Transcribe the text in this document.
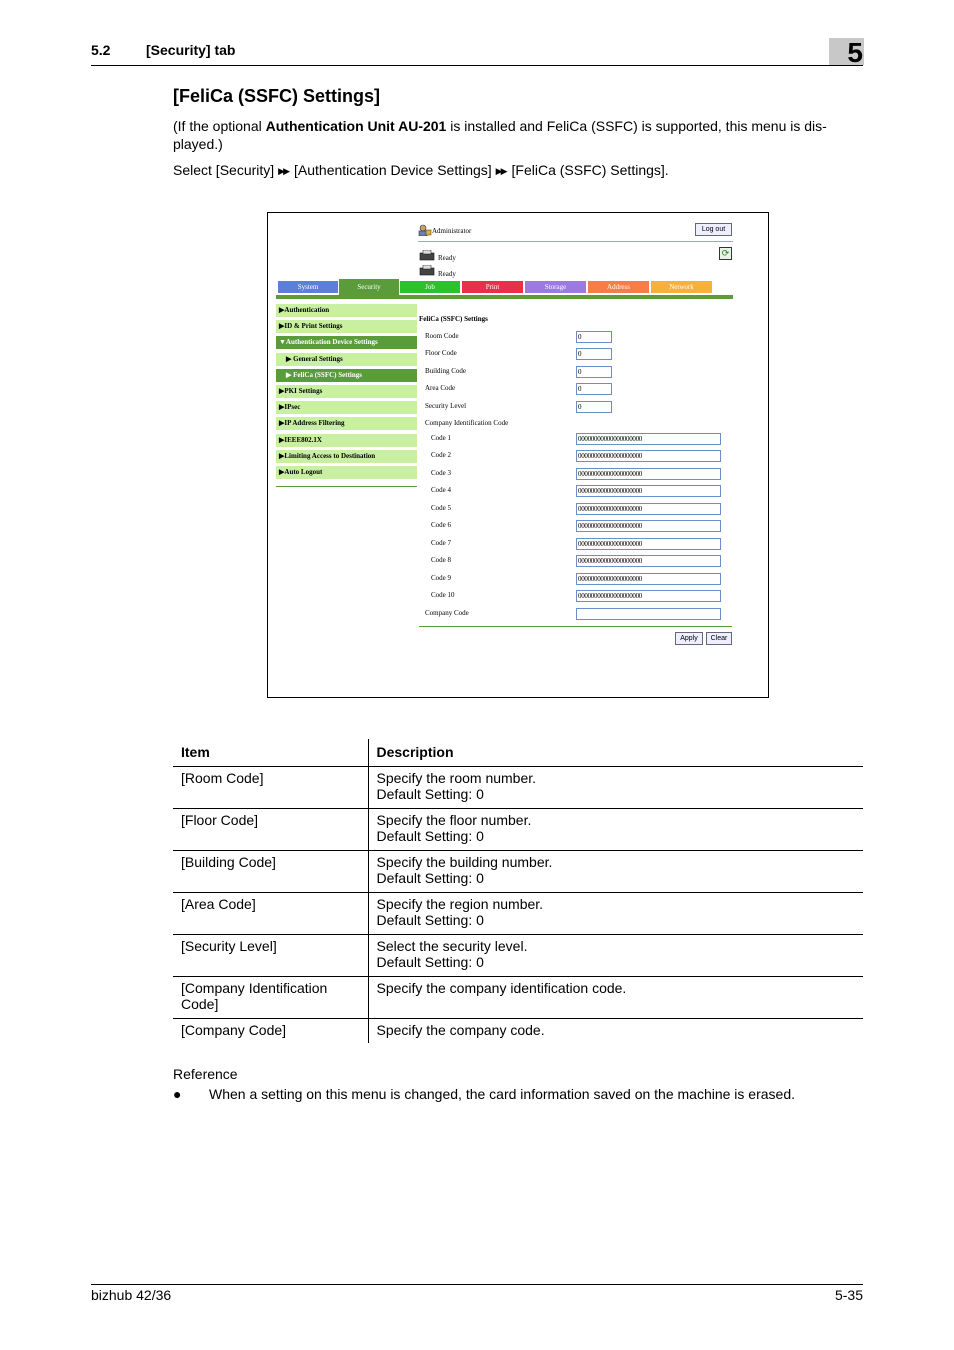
5.2	[Security] tab	5
[FeliCa (SSFC) Settings]
(If the optional Authentication Unit AU-201 is installed and FeliCa (SSFC) is supported, this menu is dis-played.)
Select [Security] ▶▶ [Authentication Device Settings] ▶▶ [FeliCa (SSFC) Settings].
Administrator	Log out
⟳
Ready
Ready
System	Security	Job	Print	Storage	Address	Network
▶Authentication
▶ID & Print Settings
▼Authentication Device Settings
▶ General Settings
▶ FeliCa (SSFC) Settings
▶PKI Settings
▶IPsec
▶IP Address Filtering
▶IEEE802.1X
▶Limiting Access to Destination
▶Auto Logout
FeliCa (SSFC) Settings
Room Code	0
Floor Code	0
Building Code	0
Area Code	0
Security Level	0
Company Identification Code
Code 1	00000000000000000000
Code 2	00000000000000000000
Code 3	00000000000000000000
Code 4	00000000000000000000
Code 5	00000000000000000000
Code 6	00000000000000000000
Code 7	00000000000000000000
Code 8	00000000000000000000
Code 9	00000000000000000000
Code 10	00000000000000000000
Company Code
Apply	Clear
Item	Description
[Room Code]	Specify the room number.
Default Setting: 0

[Floor Code]	Specify the floor number.
Default Setting: 0

[Building Code]	Specify the building number.
Default Setting: 0

[Area Code]	Specify the region number.
Default Setting: 0

[Security Level]	Select the security level.
Default Setting: 0

[Company Identification Code]	Specify the company identification code.

[Company Code]	Specify the company code.
Reference
● When a setting on this menu is changed, the card information saved on the machine is erased.
bizhub 42/36	5-35
